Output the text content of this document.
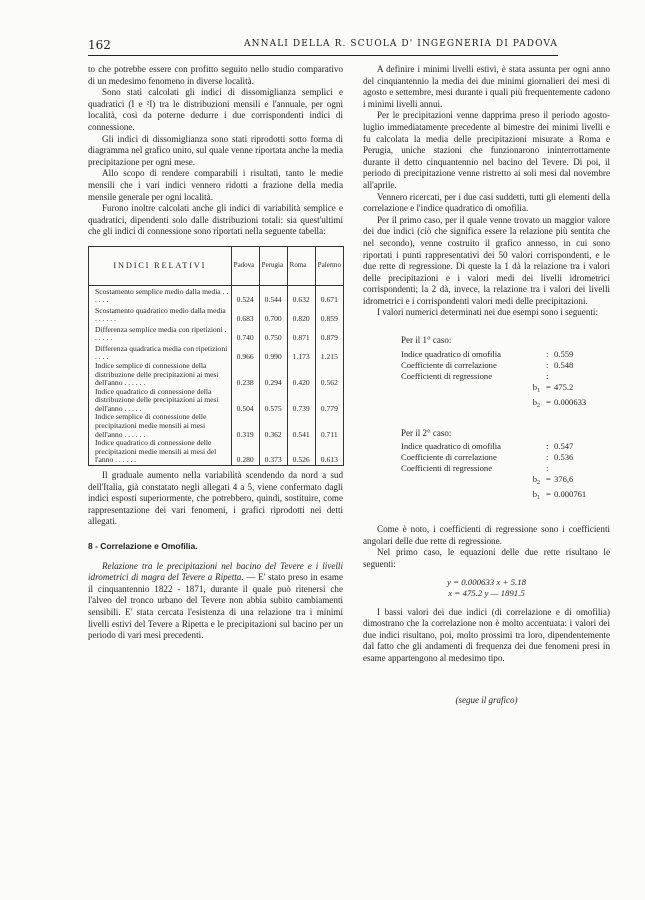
162	ANNALI DELLA R. SCUOLA D' INGEGNERIA DI PADOVA

to che potrebbe essere con profitto seguito nello studio comparativo di un medesimo fenomeno in diverse località.

Sono stati calcolati gli indici di dissomiglianza semplici e quadratici (I e ²I) tra le distribuzioni mensili e l'annuale, per ogni località, così da poterne dedurre i due corrispondenti indici di connessione.

Gli indici di dissomiglianza sono stati riprodotti sotto forma di diagramma nel grafico unito, sul quale venne riportata anche la media precipitazione per ogni mese.

Allo scopo di rendere comparabili i risultati, tanto le medie mensili che i vari indici vennero ridotti a frazione della media mensile generale per ogni località.

Furono inoltre calcolati anche gli indici di variabilità semplice e quadratici, dipendenti solo dalle distribuzioni totali: sia quest'ultimi che gli indici di connessione sono riportati nella seguente tabella:

INDICI RELATIVI	Padova	Perugia	Roma	Palermo
Scostamento semplice medio dalla media . . . . . .	0.524	0.544	0.632	0.671
Scostamento quadratico medio dalla media . . . . . .	0.683	0.700	0.820	0.859
Differenza semplice media con ripetizioni . . . . . .	0.740	0.750	0.871	0.879
Differenza quadratica media con ripetizioni . . . .	0.966	0.990	1.173	1.215
Indice semplice di connessione della distribuzione delle precipitazioni ai mesi dell'anno . . . . . .	0.238	0.294	0.420	0.562
Indice quadratico di connessione della distribuzione delle precipitazioni ai mesi dell'anno . . . . .	0.504	0.575	0.739	0.779
Indice semplice di connessione delle precipitazioni medie mensili ai mesi dell'anno . . . . . .	0.319	0.362	0.541	0.711
Indice quadratico di connessione delle precipitazioni medie mensili ai mesi del l'anno . . . . . .	0.280	0.373	0.526	0.613

Il graduale aumento nella variabilità scendendo da nord a sud dell'Italia, già constatato negli allegati 4 a 5, viene confermato dagli indici esposti superiormente, che potrebbero, quindi, sostituire, come rappresentazione dei vari fenomeni, i grafici riprodotti nei detti allegati.

8 - Correlazione e Omofilia.

Relazione tra le precipitazioni nel bacino del Tevere e i livelli idrometrici di magra del Tevere a Ripetta. — E' stato preso in esame il cinquantennio 1822 - 1871, durante il quale può ritenersi che l'alveo del tronco urbano del Tevere non abbia subito cambiamenti sensibili. E' stata cercata l'esistenza di una relazione tra i minimi livelli estivi del Tevere a Ripetta e le precipitazioni sul bacino per un periodo di vari mesi precedenti.

A definire i minimi livelli estivi, è stata assunta per ogni anno del cinquantennio la media dei due minimi giornalieri dei mesi di agosto e settembre, mesi durante i quali più frequentemente cadono i minimi livelli annui.

Per le precipitazioni venne dapprima preso il periodo agosto-luglio immediatamente precedente al bimestre dei minimi livelli e fu calcolata la media delle precipitazioni misurate a Roma e Perugia, uniche stazioni che funzionarono ininterrottamente durante il detto cinquantennio nel bacino del Tevere. Di poi, il periodo di precipitazione venne ristretto ai soli mesi dal novembre all'aprile.

Vennero ricercati, per i due casi suddetti, tutti gli elementi della correlazione e l'indice quadratico di omofilia.

Per il primo caso, per il quale venne trovato un maggior valore dei due indici (ciò che significa essere la relazione più sentita che nel secondo), venne costruito il grafico annesso, in cui sono riportati i punti rappresentativi dei 50 valori corrispondenti, e le due rette di regressione. Di queste la 1 dà la relazione tra i valori delle precipitazioni e i valori medi dei livelli idrometrici corrispondenti; la 2 dà, invece, la relazione tra i valori dei livelli idrometrici e i corrispondenti valori medi delle precipitazioni.

I valori numerici determinati nei due esempi sono i seguenti:

Per il 1° caso:
Indice quadratico di omofilia	: 0.559
Coefficiente di correlazione	: 0.548
Coefficienti di regressione	:
$b_1 = 475.2$
$b_2 = 0.000633$
Per il 2° caso:
Indice quadratico di omofilia	: 0.547
Coefficiente di correlazione	: 0.536
Coefficienti di regressione	:
$b_2 = 376,6$
$b_1 = 0.000761$

Come è noto, i coefficienti di regressione sono i coefficienti angolari delle due rette di regressione.

Nel primo caso, le equazioni delle due rette risultano le seguenti:

y = 0.000633 x + 5.18
x = 475.2 y — 1891.5

I bassi valori dei due indici (di correlazione e di omofilia) dimostrano che la correlazione non è molto accentuata: i valori dei due indici risultano, poi, molto prossimi tra loro, dipendentemente dal fatto che gli andamenti di frequenza dei due fenomeni presi in esame appartengono al medesimo tipo.

(segue il grafico)
